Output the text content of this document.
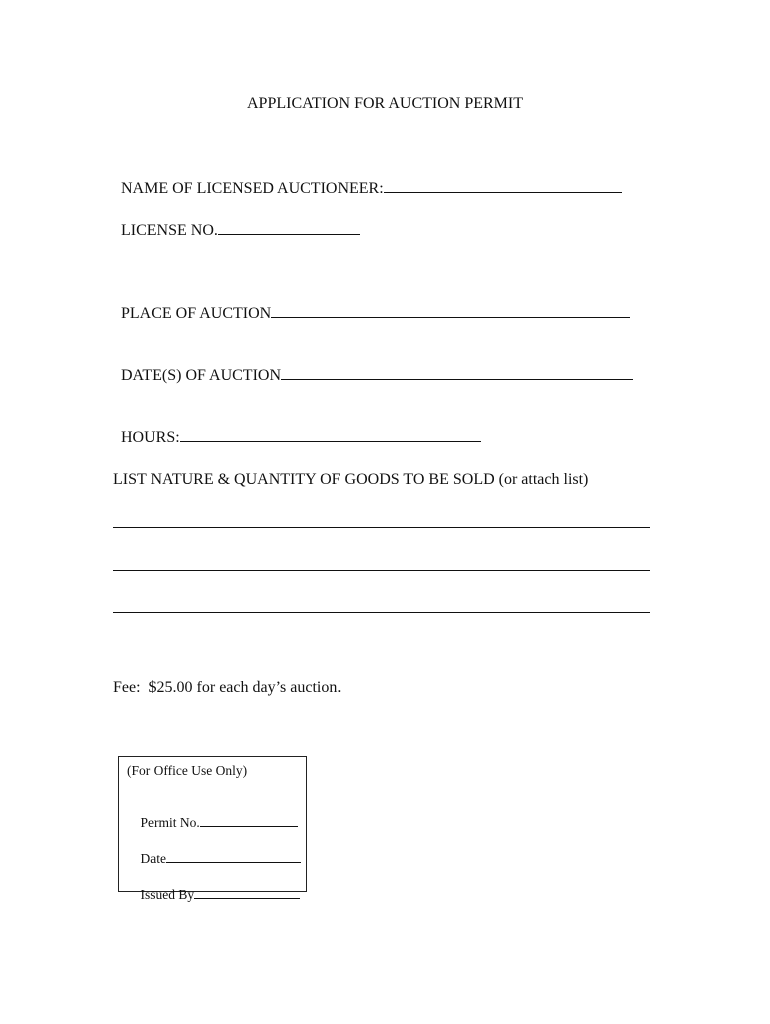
APPLICATION FOR AUCTION PERMIT

NAME OF LICENSED AUCTIONEER:

LICENSE NO.

PLACE OF AUCTION

DATE(S) OF AUCTION

HOURS:

LIST NATURE & QUANTITY OF GOODS TO BE SOLD (or attach list)
Fee:  $25.00 for each day’s auction.
(For Office Use Only)

Permit No.

Date

Issued By
